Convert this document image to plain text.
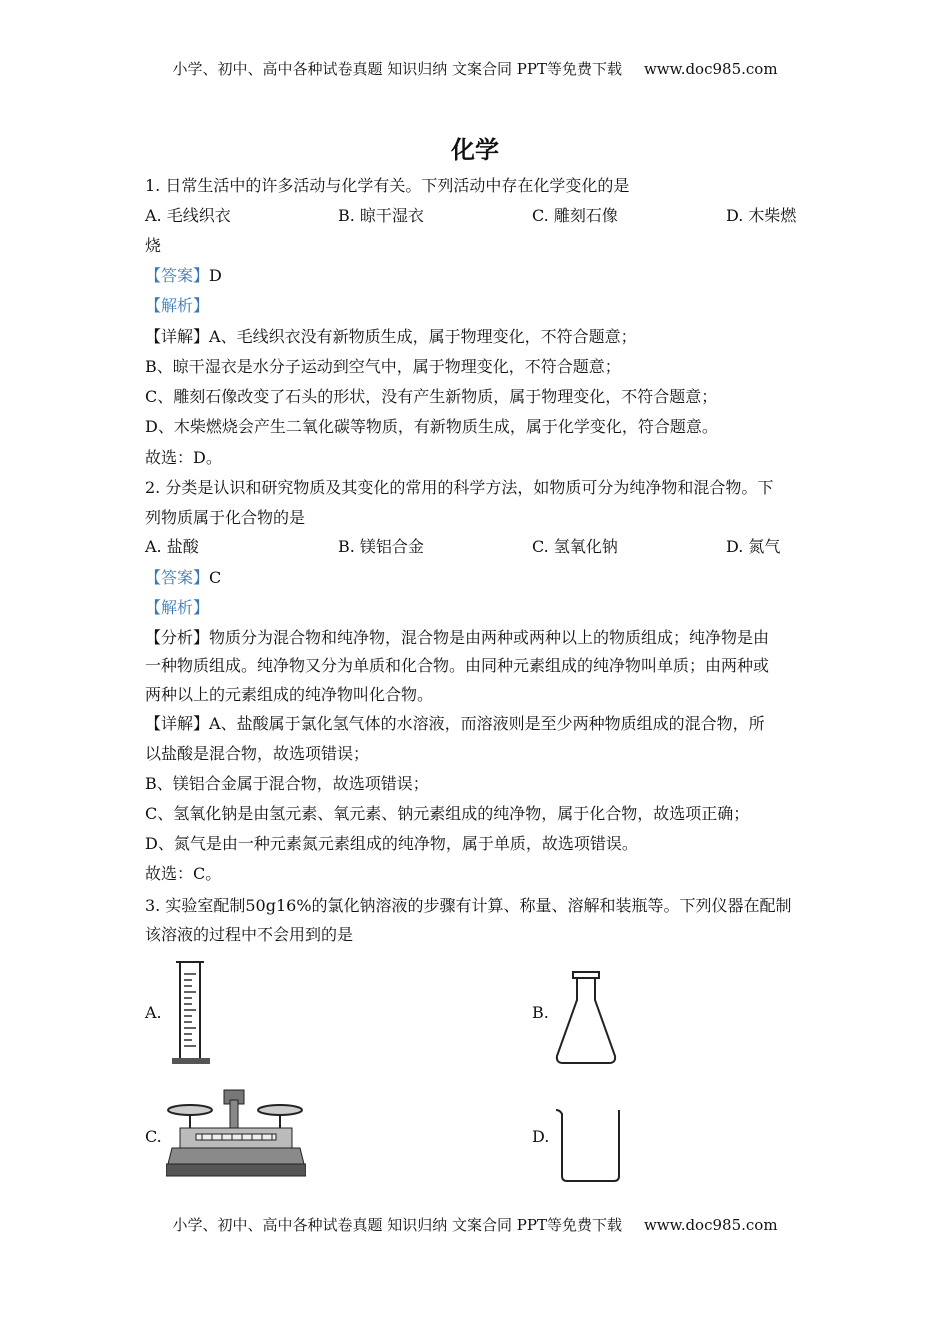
小学、初中、高中各种试卷真题 知识归纳 文案合同 PPT等免费下载 www.doc985.com
化学
1. 日常生活中的许多活动与化学有关。下列活动中存在化学变化的是
A. 毛线织衣	B. 晾干湿衣	C. 雕刻石像	D. 木柴燃
烧
【答案】D
【解析】
【详解】A、毛线织衣没有新物质生成，属于物理变化，不符合题意；
B、晾干湿衣是水分子运动到空气中，属于物理变化，不符合题意；
C、雕刻石像改变了石头的形状，没有产生新物质，属于物理变化，不符合题意；
D、木柴燃烧会产生二氧化碳等物质，有新物质生成，属于化学变化，符合题意。
故选：D。
2. 分类是认识和研究物质及其变化的常用的科学方法，如物质可分为纯净物和混合物。下
列物质属于化合物的是
A. 盐酸	B. 镁铝合金	C. 氢氧化钠	D. 氮气
【答案】C
【解析】
【分析】物质分为混合物和纯净物，混合物是由两种或两种以上的物质组成；纯净物是由
一种物质组成。纯净物又分为单质和化合物。由同种元素组成的纯净物叫单质；由两种或
两种以上的元素组成的纯净物叫化合物。
【详解】A、盐酸属于氯化氢气体的水溶液，而溶液则是至少两种物质组成的混合物，所
以盐酸是混合物，故选项错误；
B、镁铝合金属于混合物，故选项错误；
C、氢氧化钠是由氢元素、氧元素、钠元素组成的纯净物，属于化合物，故选项正确；
D、氮气是由一种元素氮元素组成的纯净物，属于单质，故选项错误。
故选：C。
3. 实验室配制50g16%的氯化钠溶液的步骤有计算、称量、溶解和装瓶等。下列仪器在配制
该溶液的过程中不会用到的是
A.	B.
C.	D.
小学、初中、高中各种试卷真题 知识归纳 文案合同 PPT等免费下载 www.doc985.com
